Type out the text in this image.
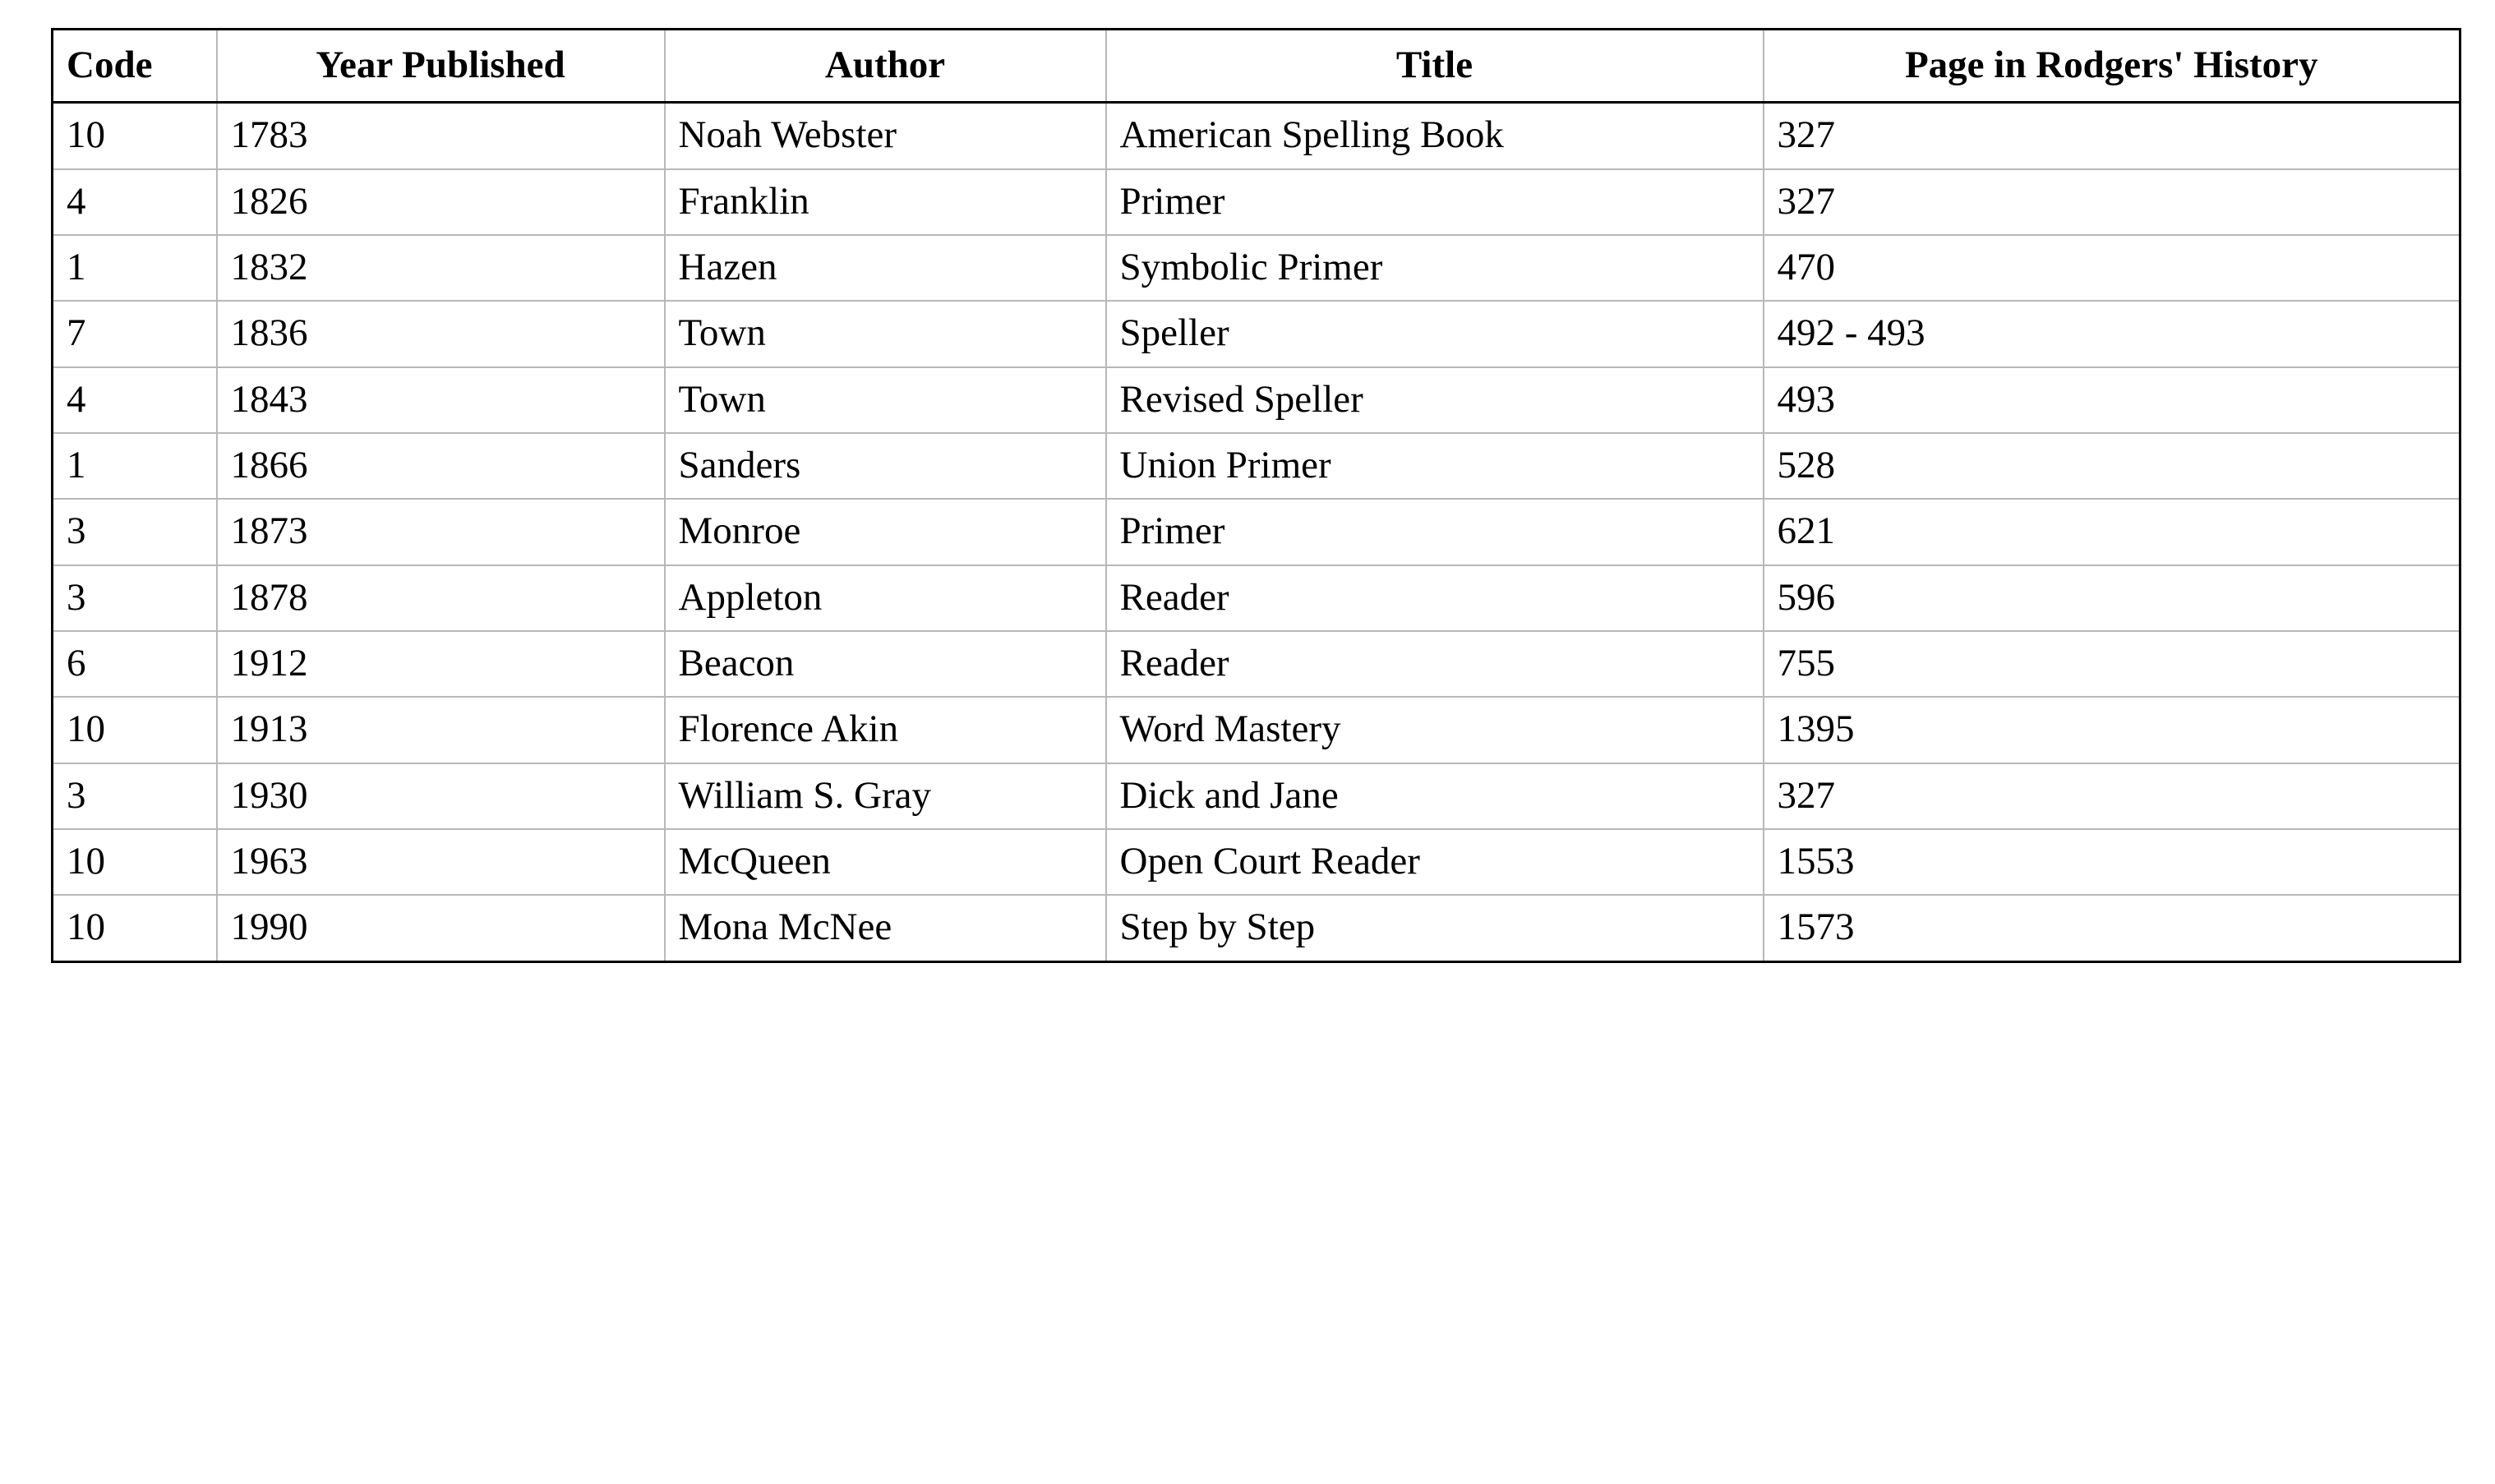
Code	Year Published	Author	Title	Page in Rodgers' History
10	1783	Noah Webster	American Spelling Book	327
4	1826	Franklin	Primer	327
1	1832	Hazen	Symbolic Primer	470
7	1836	Town	Speller	492 - 493
4	1843	Town	Revised Speller	493
1	1866	Sanders	Union Primer	528
3	1873	Monroe	Primer	621
3	1878	Appleton	Reader	596
6	1912	Beacon	Reader	755
10	1913	Florence Akin	Word Mastery	1395
3	1930	William S. Gray	Dick and Jane	327
10	1963	McQueen	Open Court Reader	1553
10	1990	Mona McNee	Step by Step	1573
